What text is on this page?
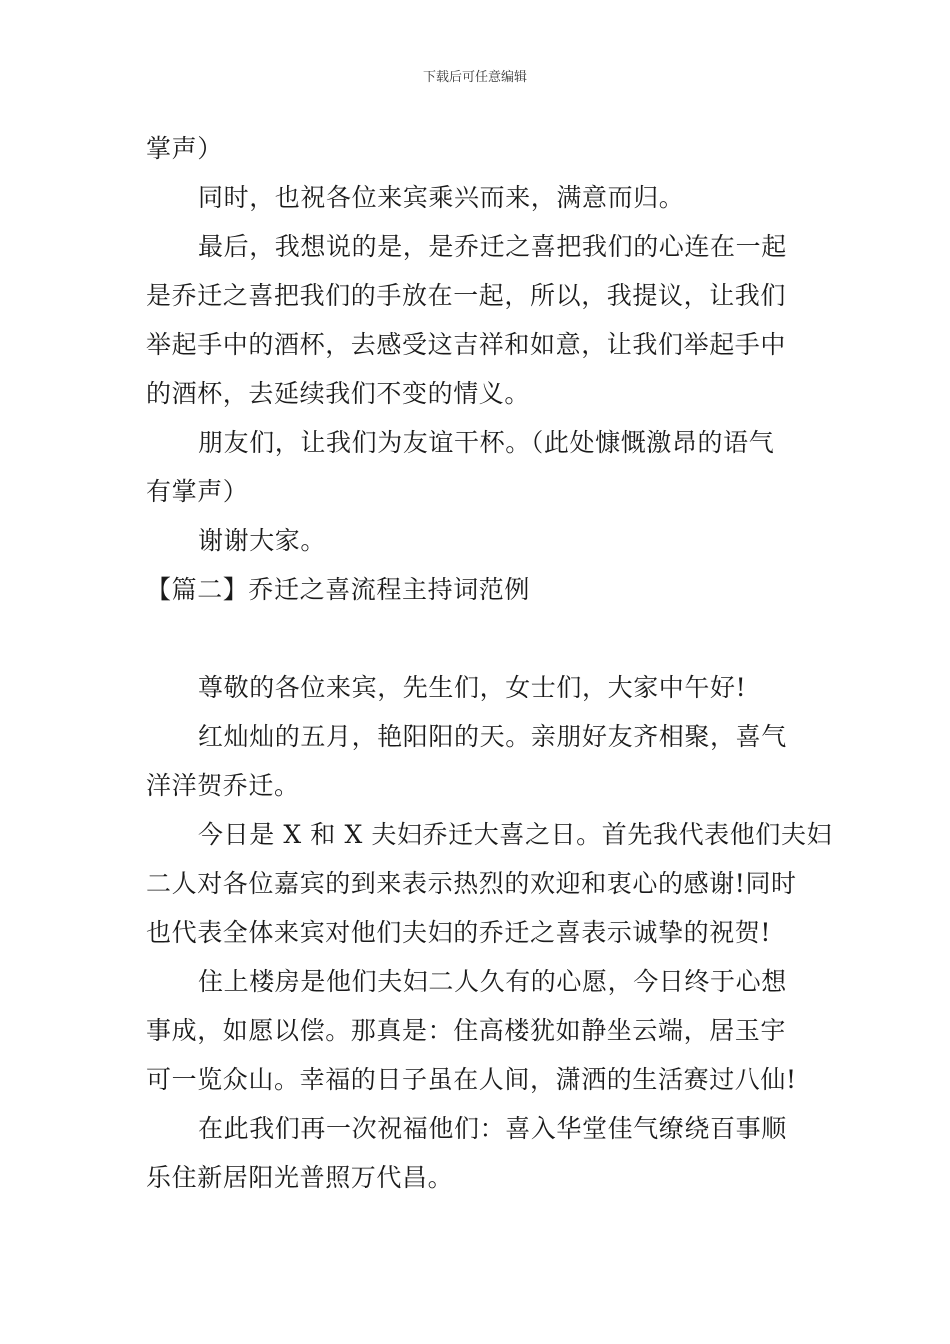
下载后可任意编辑
掌声）
同时，也祝各位来宾乘兴而来，满意而归。
最后，我想说的是，是乔迁之喜把我们的心连在一起
是乔迁之喜把我们的手放在一起，所以，我提议，让我们
举起手中的酒杯，去感受这吉祥和如意，让我们举起手中
的酒杯，去延续我们不变的情义。
朋友们，让我们为友谊干杯。（此处慷慨激昂的语气
有掌声）
谢谢大家。
【篇二】乔迁之喜流程主持词范例
尊敬的各位来宾，先生们，女士们，大家中午好!
红灿灿的五月，艳阳阳的天。亲朋好友齐相聚，喜气
洋洋贺乔迁。
今日是 X 和 X 夫妇乔迁大喜之日。首先我代表他们夫妇
二人对各位嘉宾的到来表示热烈的欢迎和衷心的感谢!同时
也代表全体来宾对他们夫妇的乔迁之喜表示诚挚的祝贺!
住上楼房是他们夫妇二人久有的心愿，今日终于心想
事成，如愿以偿。那真是：住高楼犹如静坐云端，居玉宇
可一览众山。幸福的日子虽在人间，潇洒的生活赛过八仙!
在此我们再一次祝福他们：喜入华堂佳气缭绕百事顺
乐住新居阳光普照万代昌。
